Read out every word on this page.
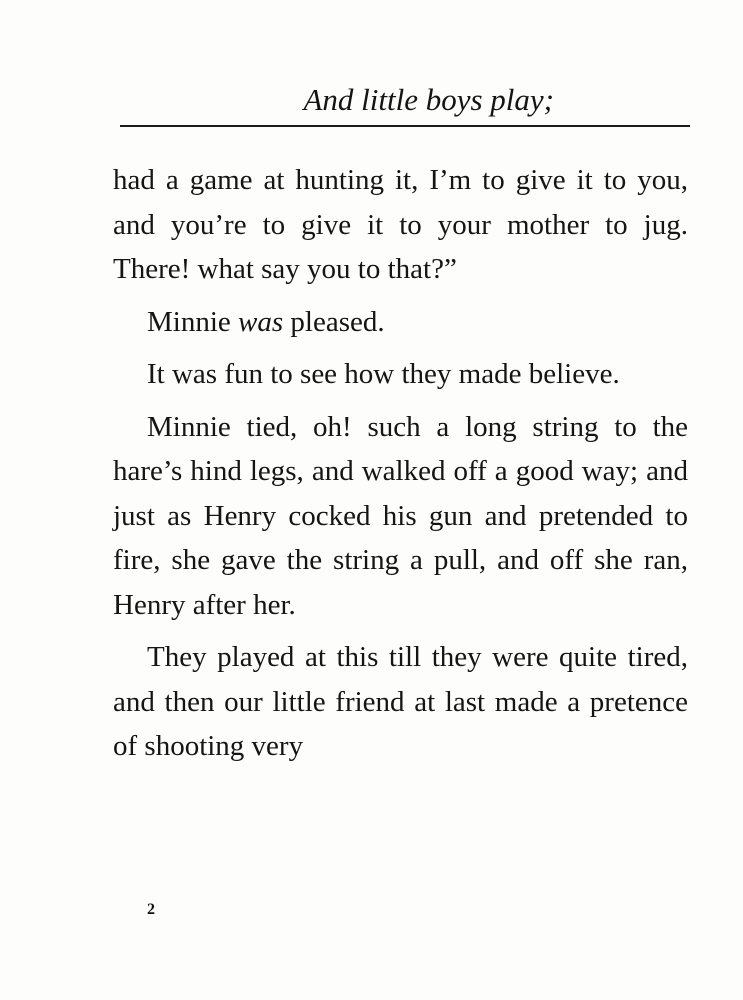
And little boys play;

had a game at hunting it, I’m to give it to you, and you’re to give it to your mother to jug. There! what say you to that?”

Minnie was pleased.

It was fun to see how they made believe.

Minnie tied, oh! such a long string to the hare’s hind legs, and walked off a good way; and just as Henry cocked his gun and pretended to fire, she gave the string a pull, and off she ran, Henry after her.

They played at this till they were quite tired, and then our little friend at last made a pretence of shooting very

2
